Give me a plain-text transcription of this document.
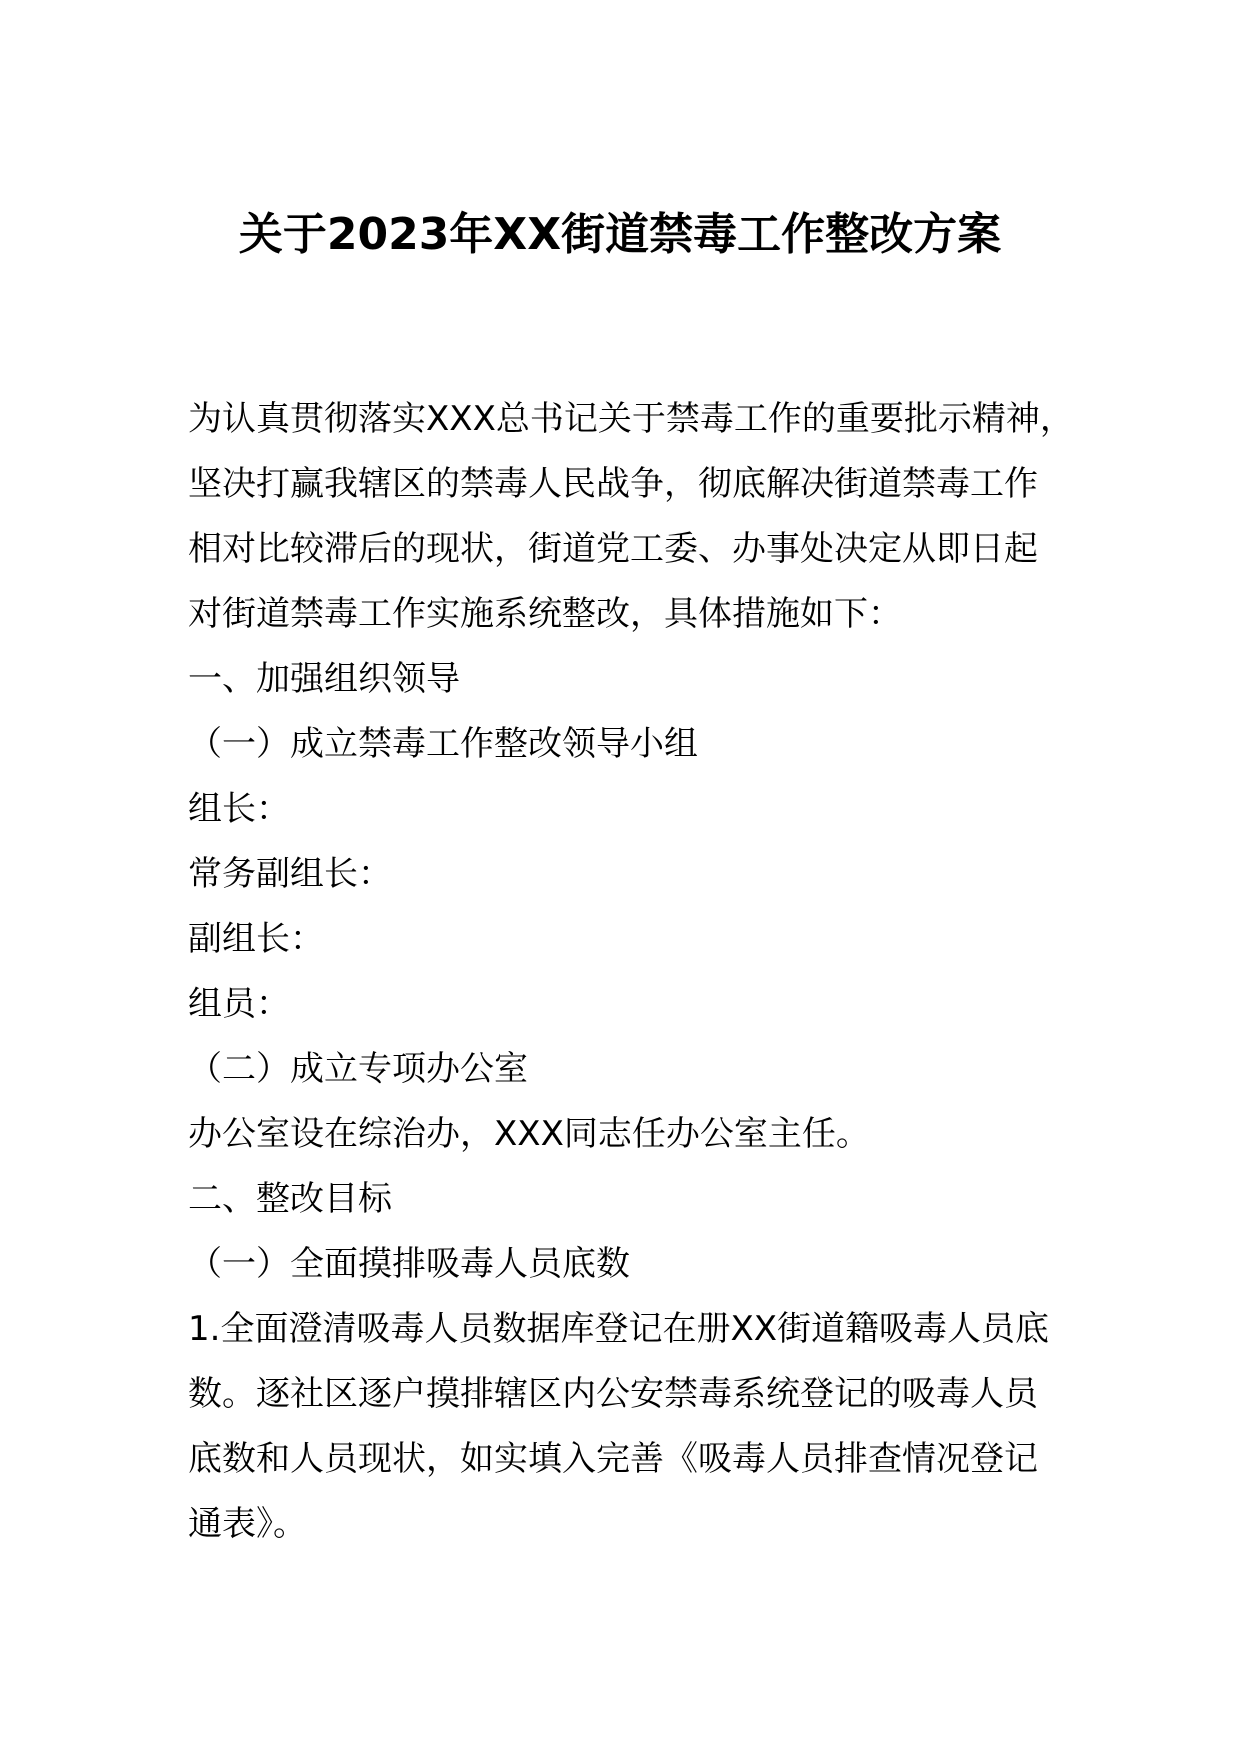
关于2023年XX街道禁毒工作整改方案
为认真贯彻落实XXX总书记关于禁毒工作的重要批示精神，
坚决打赢我辖区的禁毒人民战争，彻底解决街道禁毒工作
相对比较滞后的现状，街道党工委、办事处决定从即日起
对街道禁毒工作实施系统整改，具体措施如下：
一、加强组织领导
（一）成立禁毒工作整改领导小组
组长：
常务副组长：
副组长：
组员：
（二）成立专项办公室
办公室设在综治办，XXX同志任办公室主任。
二、整改目标
（一）全面摸排吸毒人员底数
1.全面澄清吸毒人员数据库登记在册XX街道籍吸毒人员底
数。逐社区逐户摸排辖区内公安禁毒系统登记的吸毒人员
底数和人员现状，如实填入完善《吸毒人员排查情况登记
通表》。
